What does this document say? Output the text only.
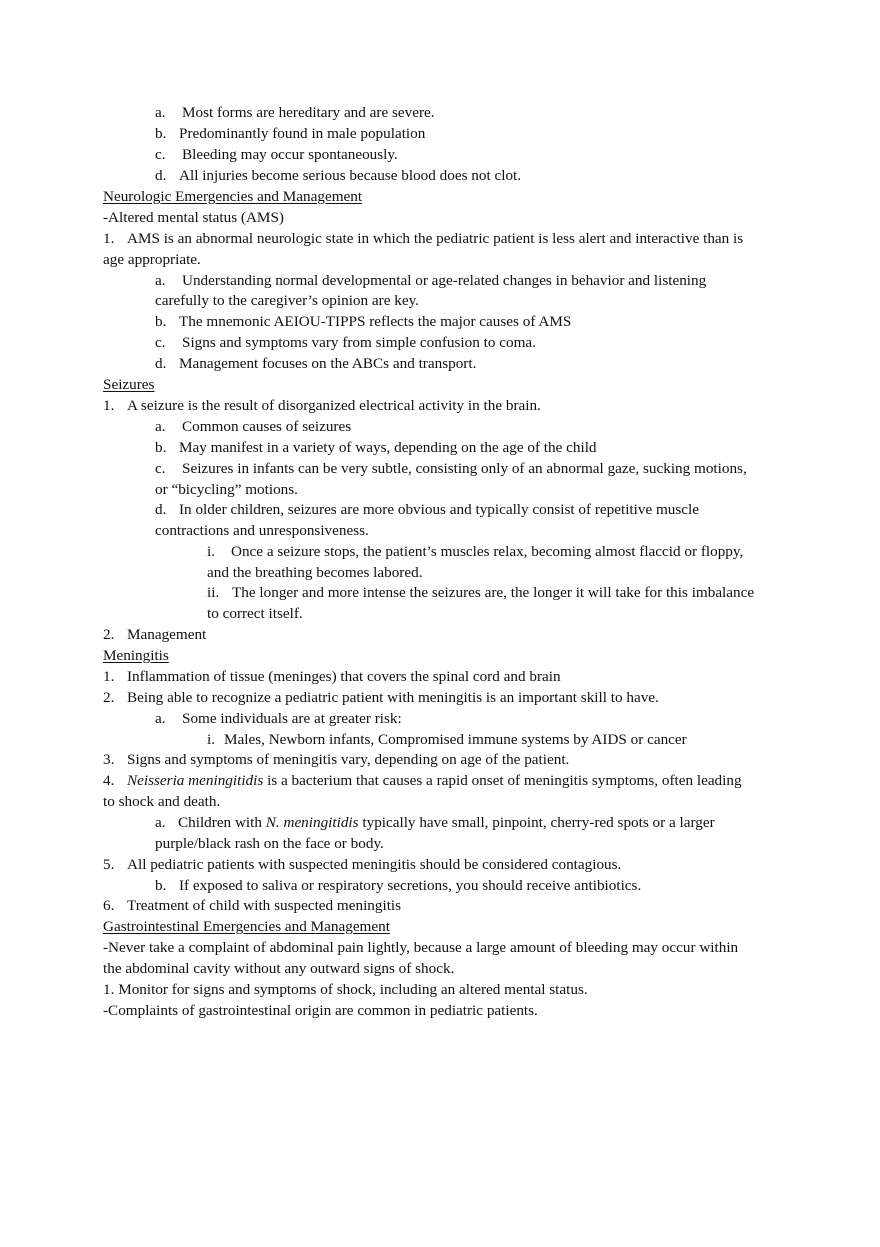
a. Most forms are hereditary and are severe.
b. Predominantly found in male population
c. Bleeding may occur spontaneously.
d. All injuries become serious because blood does not clot.
Neurologic Emergencies and Management
-Altered mental status (AMS)
1. AMS is an abnormal neurologic state in which the pediatric patient is less alert and interactive than is
age appropriate.
a. Understanding normal developmental or age-related changes in behavior and listening
carefully to the caregiver’s opinion are key.
b. The mnemonic AEIOU-TIPPS reflects the major causes of AMS
c. Signs and symptoms vary from simple confusion to coma.
d. Management focuses on the ABCs and transport.
Seizures
1. A seizure is the result of disorganized electrical activity in the brain.
a. Common causes of seizures
b. May manifest in a variety of ways, depending on the age of the child
c. Seizures in infants can be very subtle, consisting only of an abnormal gaze, sucking motions,
or “bicycling” motions.
d. In older children, seizures are more obvious and typically consist of repetitive muscle
contractions and unresponsiveness.
i. Once a seizure stops, the patient’s muscles relax, becoming almost flaccid or floppy,
and the breathing becomes labored.
ii. The longer and more intense the seizures are, the longer it will take for this imbalance
to correct itself.
2. Management
Meningitis
1. Inflammation of tissue (meninges) that covers the spinal cord and brain
2. Being able to recognize a pediatric patient with meningitis is an important skill to have.
a. Some individuals are at greater risk:
i. Males, Newborn infants, Compromised immune systems by AIDS or cancer
3. Signs and symptoms of meningitis vary, depending on age of the patient.
4. Neisseria meningitidis is a bacterium that causes a rapid onset of meningitis symptoms, often leading
to shock and death.
a. Children with N. meningitidis typically have small, pinpoint, cherry-red spots or a larger
purple/black rash on the face or body.
5. All pediatric patients with suspected meningitis should be considered contagious.
b. If exposed to saliva or respiratory secretions, you should receive antibiotics.
6. Treatment of child with suspected meningitis
Gastrointestinal Emergencies and Management
-Never take a complaint of abdominal pain lightly, because a large amount of bleeding may occur within
the abdominal cavity without any outward signs of shock.
1. Monitor for signs and symptoms of shock, including an altered mental status.
-Complaints of gastrointestinal origin are common in pediatric patients.
